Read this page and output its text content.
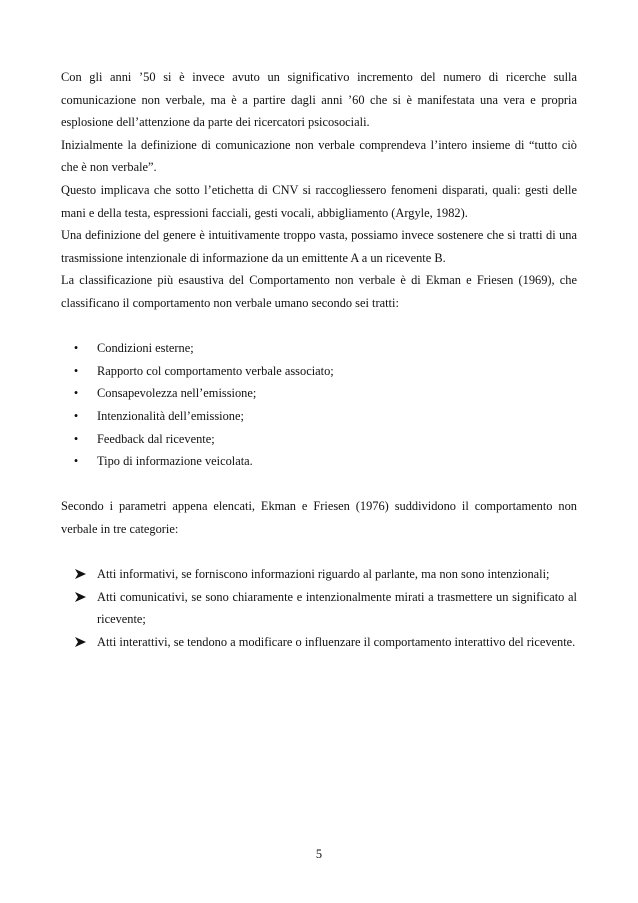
Con gli anni ’50 si è invece avuto un significativo incremento del numero di ricerche sulla comunicazione non verbale, ma è a partire dagli anni ’60 che si è manifestata una vera e propria esplosione dell’attenzione da parte dei ricercatori psicosociali.

Inizialmente la definizione di comunicazione non verbale comprendeva l’intero insieme di “tutto ciò che è non verbale”.

Questo implicava che sotto l’etichetta di CNV si raccogliessero fenomeni disparati, quali: gesti delle mani e della testa, espressioni facciali, gesti vocali, abbigliamento (Argyle, 1982).

Una definizione del genere è intuitivamente troppo vasta, possiamo invece sostenere che si tratti di una trasmissione intenzionale di informazione da un emittente A a un ricevente B.

La classificazione più esaustiva del Comportamento non verbale è di Ekman e Friesen (1969), che classificano il comportamento non verbale umano secondo sei tratti:

• Condizioni esterne;
• Rapporto col comportamento verbale associato;
• Consapevolezza nell’emissione;
• Intenzionalità dell’emissione;
• Feedback dal ricevente;
• Tipo di informazione veicolata.

Secondo i parametri appena elencati, Ekman e Friesen (1976) suddividono il comportamento non verbale in tre categorie:

Atti informativi, se forniscono informazioni riguardo al parlante, ma non sono intenzionali;
Atti comunicativi, se sono chiaramente e intenzionalmente mirati a trasmettere un significato al ricevente;
Atti interattivi, se tendono a modificare o influenzare il comportamento interattivo del ricevente.
5
